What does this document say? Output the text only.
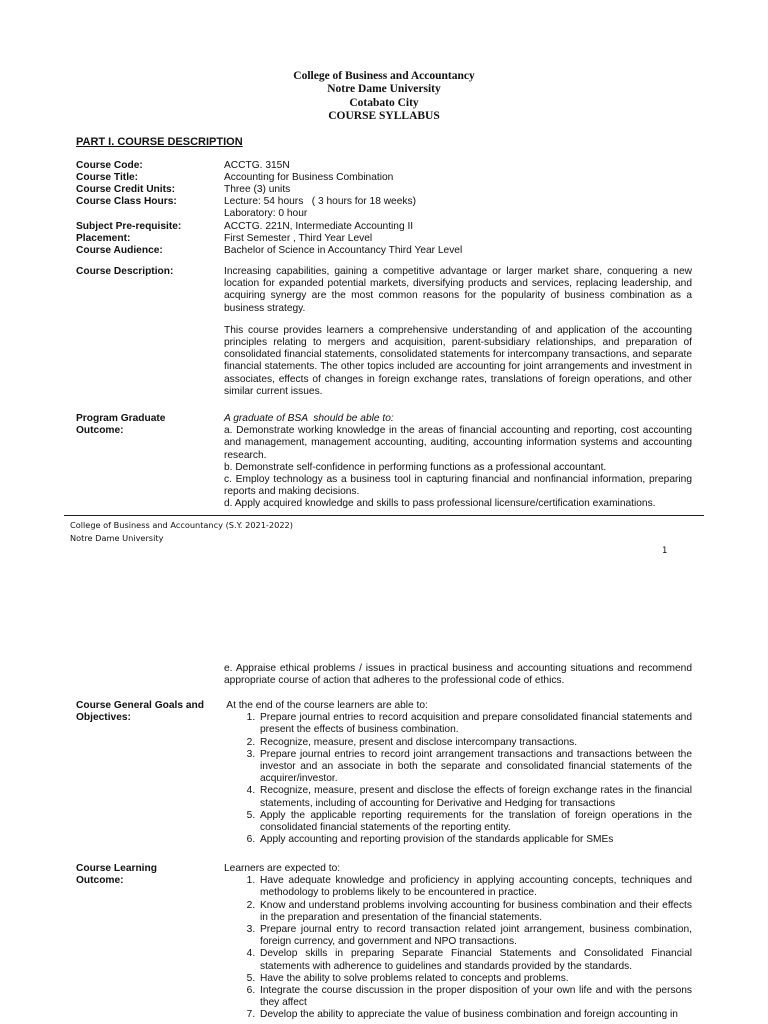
College of Business and Accountancy
Notre Dame University
Cotabato City
COURSE SYLLABUS
PART I. COURSE DESCRIPTION
Course Code:	ACCTG. 315N
Course Title:	Accounting for Business Combination
Course Credit Units:	Three (3) units
Course Class Hours:	Lecture: 54 hours   ( 3 hours for 18 weeks)
Laboratory: 0 hour
Subject Pre-requisite:	ACCTG. 221N, Intermediate Accounting II
Placement:	First Semester , Third Year Level
Course Audience:	Bachelor of Science in Accountancy Third Year Level
Course Description:	Increasing capabilities, gaining a competitive advantage or larger market share, conquering a new location for expanded potential markets, diversifying products and services, replacing leadership, and acquiring synergy are the most common reasons for the popularity of business combination as a business strategy.

This course provides learners a comprehensive understanding of and application of the accounting principles relating to mergers and acquisition, parent-subsidiary relationships, and preparation of consolidated financial statements, consolidated statements for intercompany transactions, and separate financial statements. The other topics included are accounting for joint arrangements and investment in associates, effects of changes in foreign exchange rates, translations of foreign operations, and other similar current issues.

Program Graduate
Outcome:
A graduate of BSA  should be able to:
a. Demonstrate working knowledge in the areas of financial accounting and reporting, cost accounting and management, management accounting, auditing, accounting information systems and accounting research.
b. Demonstrate self-confidence in performing functions as a professional accountant.
c. Employ technology as a business tool in capturing financial and nonfinancial information, preparing reports and making decisions.
d. Apply acquired knowledge and skills to pass professional licensure/certification examinations.
College of Business and Accountancy (S.Y. 2021-2022)
Notre Dame University
1
e. Appraise ethical problems / issues in practical business and accounting situations and recommend appropriate course of action that adheres to the professional code of ethics.
Course General Goals and
Objectives:
At the end of the course learners are able to:
1. Prepare journal entries to record acquisition and prepare consolidated financial statements and present the effects of business combination.
2. Recognize, measure, present and disclose intercompany transactions.
3. Prepare journal entries to record joint arrangement transactions and transactions between the investor and an associate in both the separate and consolidated financial statements of the acquirer/investor.
4. Recognize, measure, present and disclose the effects of foreign exchange rates in the financial statements, including of accounting for Derivative and Hedging for transactions
5. Apply the applicable reporting requirements for the translation of foreign operations in the consolidated financial statements of the reporting entity.
6. Apply accounting and reporting provision of the standards applicable for SMEs
Course Learning
Outcome:
Learners are expected to:
1. Have adequate knowledge and proficiency in applying accounting concepts, techniques and methodology to problems likely to be encountered in practice.
2. Know and understand problems involving accounting for business combination and their effects in the preparation and presentation of the financial statements.
3. Prepare journal entry to record transaction related joint arrangement, business combination, foreign currency, and government and NPO transactions.
4. Develop skills in preparing Separate Financial Statements and Consolidated Financial statements with adherence to guidelines and standards provided by the standards.
5. Have the ability to solve problems related to concepts and problems.
6. Integrate the course discussion in the proper disposition of your own life and with the persons they affect
7. Develop the ability to appreciate the value of business combination and foreign accounting in
